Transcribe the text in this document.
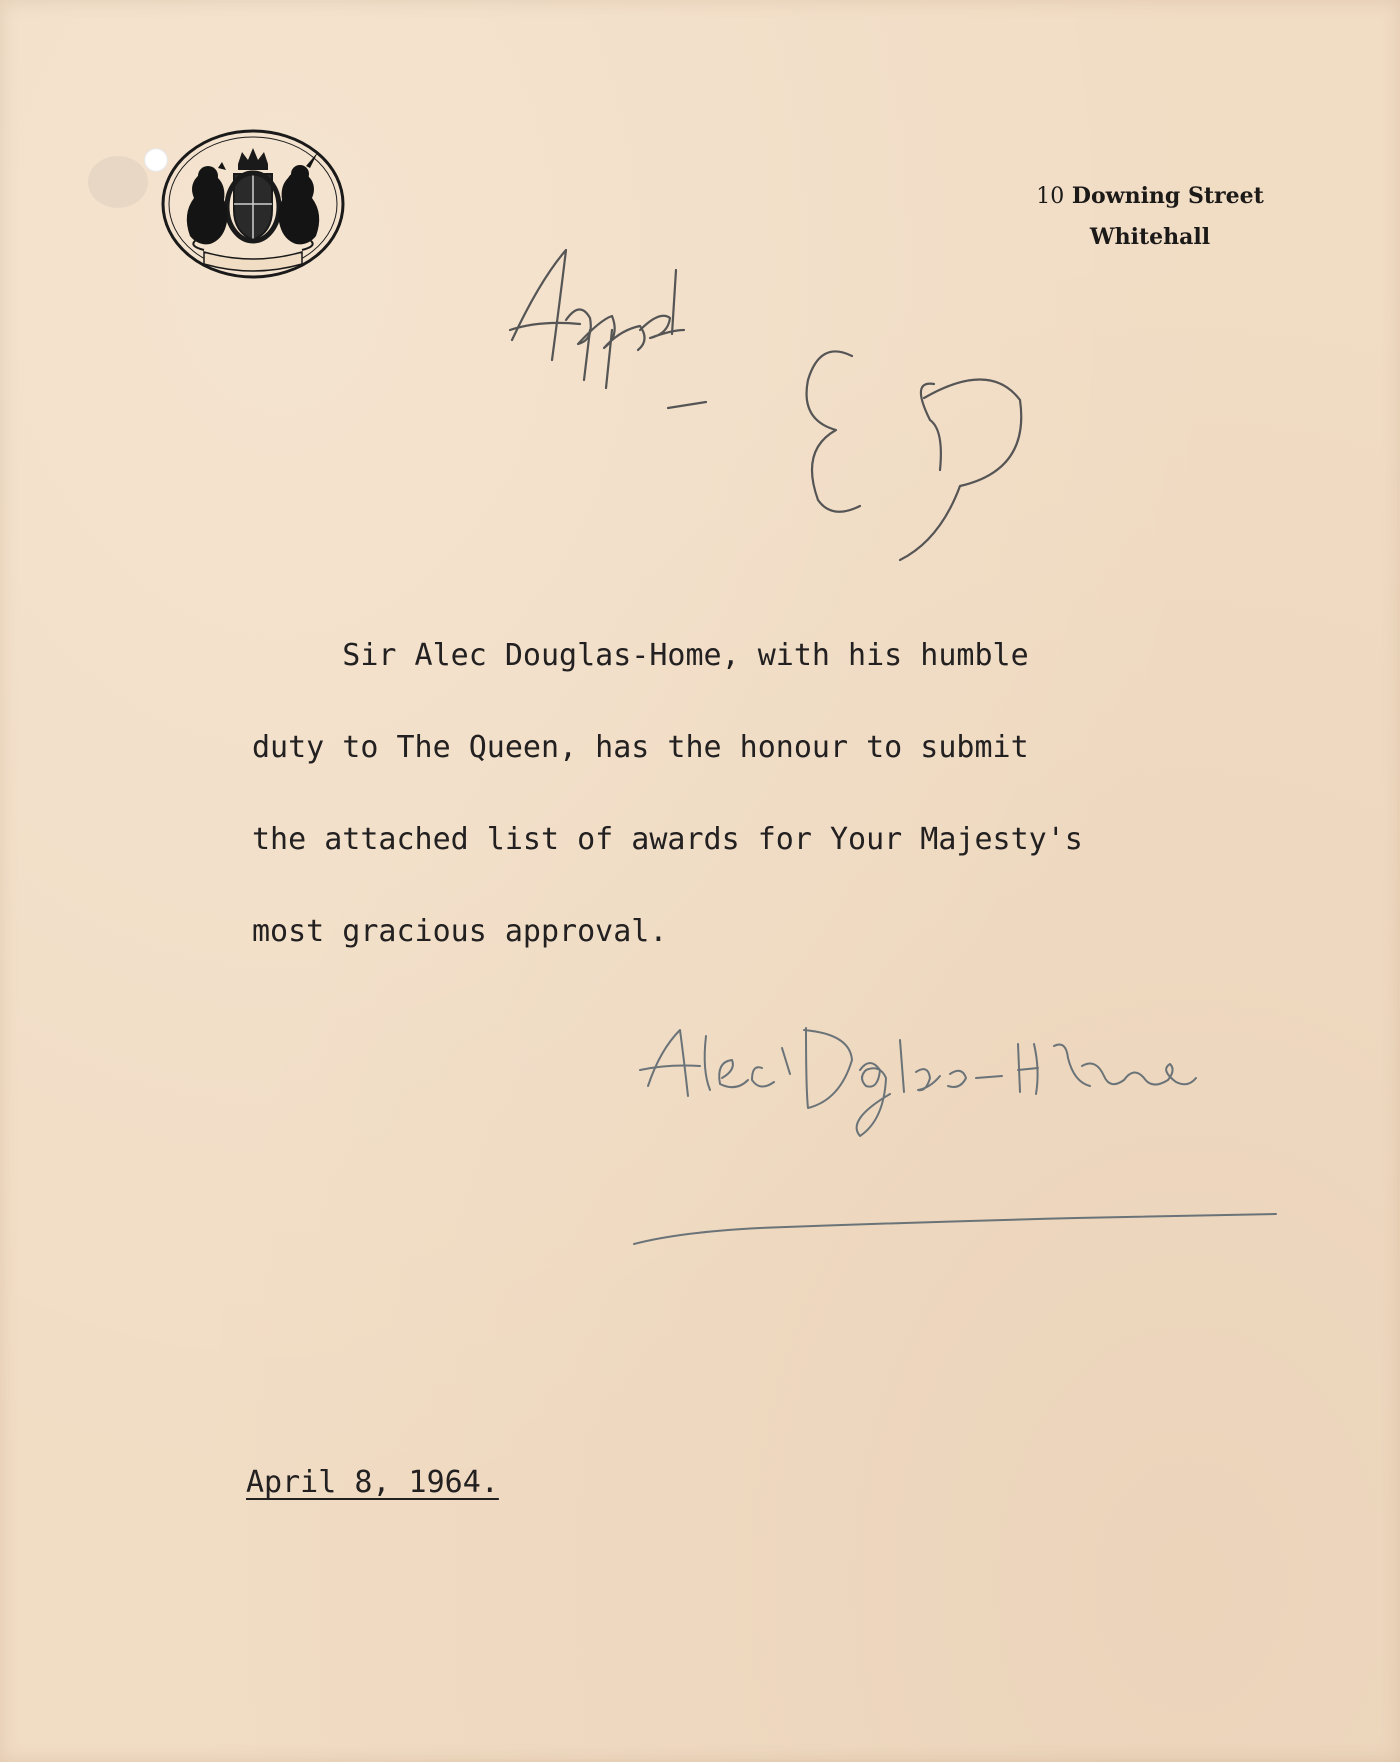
10 Downing Street
Whitehall
Sir Alec Douglas-Home, with his humble
duty to The Queen, has the honour to submit
the attached list of awards for Your Majesty's
most gracious approval.
April 8, 1964.
